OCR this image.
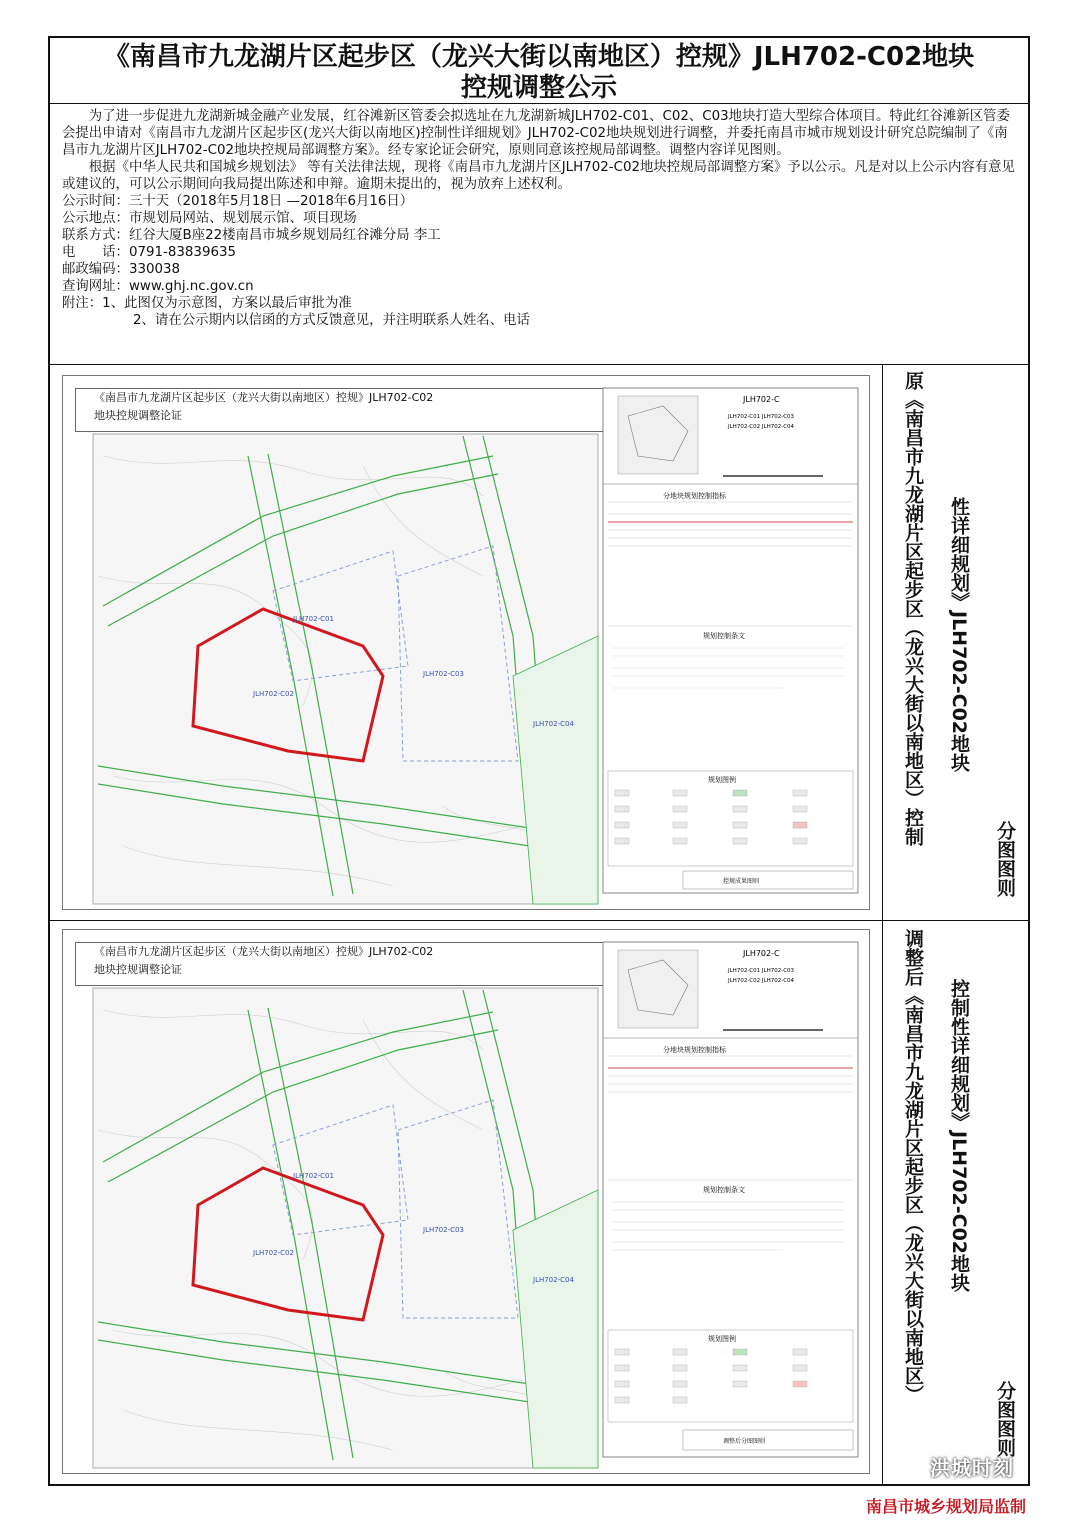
《南昌市九龙湖片区起步区（龙兴大街以南地区）控规》JLH702-C02地块
控规调整公示

为了进一步促进九龙湖新城金融产业发展，红谷滩新区管委会拟选址在九龙湖新城JLH702-C01、C02、C03地块打造大型综合体项目。特此红谷滩新区管委会提出申请对《南昌市九龙湖片区起步区(龙兴大街以南地区)控制性详细规划》JLH702-C02地块规划进行调整，并委托南昌市城市规划设计研究总院编制了《南昌市九龙湖片区JLH702-C02地块控规局部调整方案》。经专家论证会研究，原则同意该控规局部调整。调整内容详见图则。

根据《中华人民共和国城乡规划法》 等有关法律法规，现将《南昌市九龙湖片区JLH702-C02地块控规局部调整方案》予以公示。凡是对以上公示内容有意见或建议的，可以公示期间向我局提出陈述和申辩。逾期未提出的，视为放弃上述权利。

公示时间：三十天（2018年5月18日 —2018年6月16日）

公示地点：市规划局网站、规划展示馆、项目现场

联系方式：红谷大厦B座22楼南昌市城乡规划局红谷滩分局 李工

电　　话：0791-83839635

邮政编码：330038

查询网址：www.ghj.nc.gov.cn

附注：1、此图仅为示意图，方案以最后审批为准

2、请在公示期内以信函的方式反馈意见，并注明联系人姓名、电话

《南昌市九龙湖片区起步区（龙兴大街以南地区）控规》JLH702-C02
地块控规调整论证
JLH702-C01
JLH702-C02
JLH702-C03
JLH702-C04
JLH702-C
JLH702-C01 JLH702-C03
JLH702-C02 JLH702-C04
分地块规划控制指标
规划控制条文
规划图例
控规成果图则
原《南昌市九龙湖片区起步区（龙兴大街以南地区）控制 性详细规划》JLH702-C02地块
分图图则
《南昌市九龙湖片区起步区（龙兴大街以南地区）控规》JLH702-C02
地块控规调整论证
JLH702-C01
JLH702-C02
JLH702-C03
JLH702-C04
JLH702-C
JLH702-C01 JLH702-C03
JLH702-C02 JLH702-C04
分地块规划控制指标
规划控制条文
规划图例
调整后分图图则
调整后《南昌市九龙湖片区起步区（龙兴大街以南地区） 控制性详细规划》JLH702-C02地块
分图图则
洪城时刻
南昌市城乡规划局监制
